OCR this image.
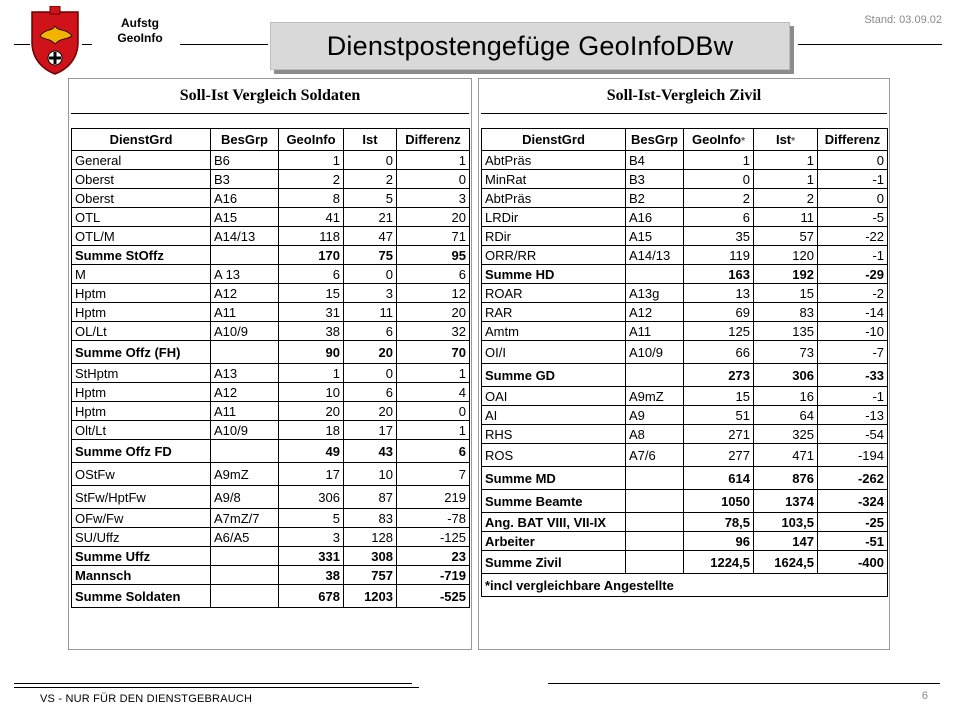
Aufstg
GeoInfo
Stand: 03.09.02
Dienstpostengefüge GeoInfoDBw
Soll-Ist Vergleich Soldaten
DienstGrd	BesGrp	GeoInfo	Ist	Differenz
General	B6	1	0	1
Oberst	B3	2	2	0
Oberst	A16	8	5	3
OTL	A15	41	21	20
OTL/M	A14/13	118	47	71
Summe StOffz		170	75	95
M	A 13	6	0	6
Hptm	A12	15	3	12
Hptm	A11	31	11	20
OL/Lt	A10/9	38	6	32
Summe Offz (FH)		90	20	70
StHptm	A13	1	0	1
Hptm	A12	10	6	4
Hptm	A11	20	20	0
Olt/Lt	A10/9	18	17	1
Summe Offz FD		49	43	6
OStFw	A9mZ	17	10	7
StFw/HptFw	A9/8	306	87	219
OFw/Fw	A7mZ/7	5	83	-78
SU/Uffz	A6/A5	3	128	-125
Summe Uffz		331	308	23
Mannsch		38	757	-719
Summe Soldaten		678	1203	-525
Soll-Ist-Vergleich Zivil
DienstGrd	BesGrp	GeoInfo*	Ist*	Differenz
AbtPräs	B4	1	1	0
MinRat	B3	0	1	-1
AbtPräs	B2	2	2	0
LRDir	A16	6	11	-5
RDir	A15	35	57	-22
ORR/RR	A14/13	119	120	-1
Summe HD		163	192	-29
ROAR	A13g	13	15	-2
RAR	A12	69	83	-14
Amtm	A11	125	135	-10
OI/I	A10/9	66	73	-7
Summe GD		273	306	-33
OAI	A9mZ	15	16	-1
AI	A9	51	64	-13
RHS	A8	271	325	-54
ROS	A7/6	277	471	-194
Summe MD		614	876	-262
Summe Beamte		1050	1374	-324
Ang. BAT VIII, VII-IX		78,5	103,5	-25
Arbeiter		96	147	-51
Summe Zivil		1224,5	1624,5	-400
*incl vergleichbare Angestellte				
VS - NUR FÜR DEN DIENSTGEBRAUCH	6
